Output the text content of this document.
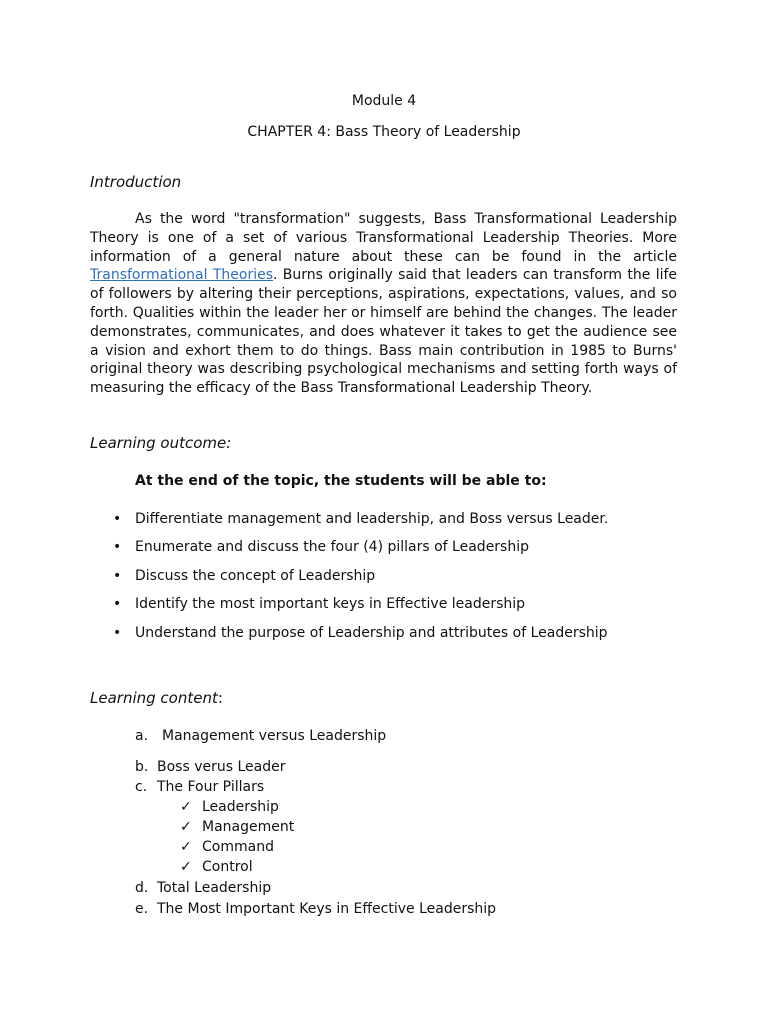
Module 4
CHAPTER 4: Bass Theory of Leadership
Introduction

As the word "transformation" suggests, Bass Transformational Leadership Theory is one of a set of various Transformational Leadership Theories. More information of a general nature about these can be found in the article Transformational Theories. Burns originally said that leaders can transform the life of followers by altering their perceptions, aspirations, expectations, values, and so forth. Qualities within the leader her or himself are behind the changes. The leader demonstrates, communicates, and does whatever it takes to get the audience see a vision and exhort them to do things. Bass main contribution in 1985 to Burns' original theory was describing psychological mechanisms and setting forth ways of measuring the efficacy of the Bass Transformational Leadership Theory.

Learning outcome:
At the end of the topic, the students will be able to:
• Differentiate management and leadership, and Boss versus Leader.
• Enumerate and discuss the four (4) pillars of Leadership
• Discuss the concept of Leadership
• Identify the most important keys in Effective leadership
• Understand the purpose of Leadership and attributes of Leadership
Learning content:
a. Management versus Leadership
b. Boss verus Leader
c. The Four Pillars
✓ Leadership
✓ Management
✓ Command
✓ Control
d. Total Leadership
e. The Most Important Keys in Effective Leadership
